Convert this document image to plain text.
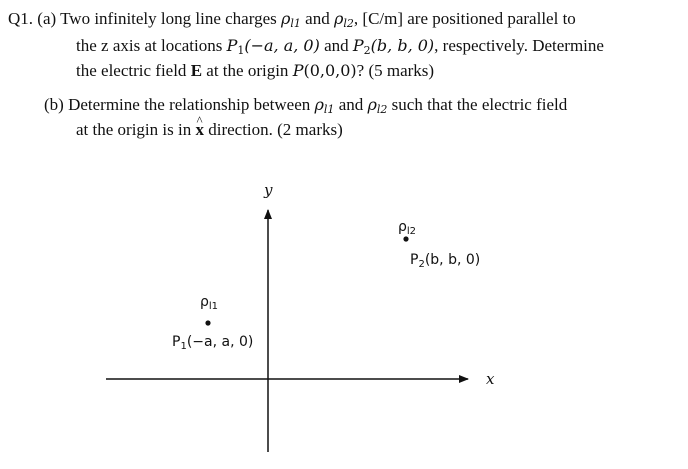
Q1. (a) Two infinitely long line charges $\rho_{l1}$ and $\rho_{l2}$, [C/m] are positioned parallel to
the z axis at locations $P_1(-a$, a, 0) and $P_2(b$, b, 0), respectively. Determine
the electric field E at the origin P(0,0,0)? (5 marks)
(b) Determine the relationship between $\rho_{l1}$ and $\rho_{l2}$ such that the electric field
at the origin is in ^ x direction. (2 marks)
y
x
$\rho_{l1}$
$P_1(-a$, a, 0)
$\rho_{l2}$
$P_2(b$, b, 0)
